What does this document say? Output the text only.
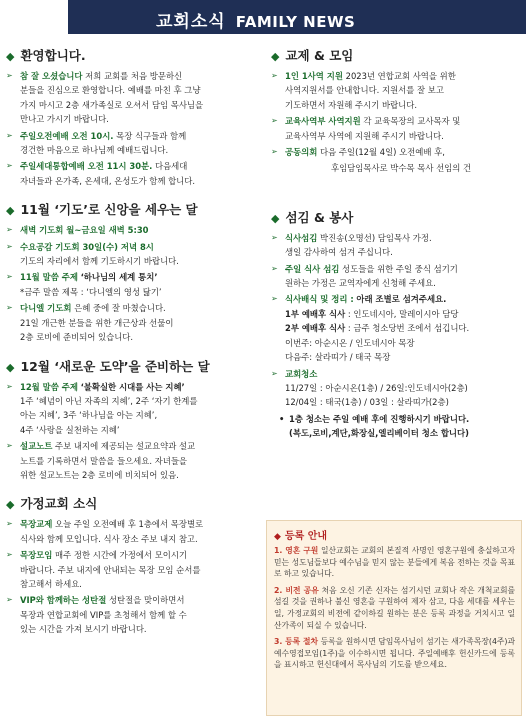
교회소식 FAMILY NEWS
◆ 환영합니다.
➢ 참 잘 오셨습니다 저희 교회를 처음 방문하신
분들을 진심으로 환영합니다. 예배를 마친 후 그냥
가지 마시고 2층 새가족실로 오셔서 담임 목사님을
만나고 가시기 바랍니다.
➢ 주일오전예배 오전 10시. 목장 식구들과 함께
경건한 마음으로 하나님께 예배드립니다.
➢ 주일세대통합예배 오전 11시 30분. 다음세대
자녀들과 온가족, 온세대, 온성도가 함께 합니다.
◆ 11월 ‘기도’로 신앙을 세우는 달
➢ 새벽 기도회 월~금요일 새벽 5:30
➢ 수요공감 기도회 30일(수) 저녁 8시
기도의 자리에서 함께 기도하시기 바랍니다.
➢ 11월 말씀 주제 ‘하나님의 세계 통치’
*금주 말씀 제목 : ‘다니엘의 영성 닮기’
➢ 다니엘 기도회 은혜 중에 잘 마쳤습니다.
21일 개근한 분들을 위한 개근상과 선물이
2층 로비에 준비되어 있습니다.
◆ 12월 ‘새로운 도약’을 준비하는 달
➢ 12월 말씀 주제 ‘불확실한 시대를 사는 지혜’
1주 ‘혜념이 아닌 자족의 지혜’, 2주 ‘자기 한계를
아는 지혜’, 3주 ‘하나님을 아는 지혜’,
4주 ‘사랑을 실천하는 지혜’
➢ 설교노트 주보 내지에 제공되는 설교요약과 설교
노트를 기록하면서 말씀을 들으세요. 자녀들을
위한 설교노트는 2층 로비에 비치되어 있음.
◆ 가정교회 소식
➢ 목장교제 오늘 주일 오전예배 후 1층에서 목장별로
식사와 함께 모입니다. 식사 장소 주보 내지 참고.
➢ 목장모임 매주 정한 시간에 가정에서 모이시기
바랍니다. 주보 내지에 안내되는 목장 모임 순서를
참고해서 하세요.
➢ VIP와 함께하는 성탄절 성탄절을 맞이하면서
목장과 연합교회에 VIP를 초청해서 함께 할 수
있는 시간을 가져 보시기 바랍니다.
◆ 교제 & 모임
➢ 1인 1사역 지원 2023년 연합교회 사역을 위한
사역지원서를 안내합니다. 지원서를 잘 보고
기도하면서 자원해 주시기 바랍니다.
➢ 교육사역부 사역지원 각 교육목장의 교사목자 및
교육사역부 사역에 지원해 주시기 바랍니다.
➢ 공동의회 다음 주일(12월 4일) 오전예배 후,
후임담임목사로 박수목 목사 선임의 건
◆ 섬김 & 봉사
➢ 식사섬김 박진송(오명선) 담임목사 가정.
생일 감사하여 섬겨 주십니다.
➢ 주일 식사 섬김 성도들을 위한 주일 중식 섬기기
원하는 가정은 교역자에게 신청해 주세요.
➢ 식사배식 및 정리 : 아래 조별로 섬겨주세요.
1부 예배후 식사 : 인도네시아, 말레이시아 담당
2부 예배후 식사 : 금주 청소당번 조에서 섬깁니다.
이번주: 아순시온 / 인도네시아 목장
다음주: 살라띠가 / 태국 목장
➢ 교회청소
11/27일 : 아순시온(1층) / 26일:인도네시아(2층)
12/04일 : 태국(1층) / 03일 : 살라띠가(2층)
• 1층 청소는 주일 예배 후에 진행하시기 바랍니다.
(복도,로비,계단,화장실,엘리베이터 청소 합니다)
◆ 등록 안내
1. 영혼 구원 일산교회는 교회의 본질적 사명인 영혼구원에 충실하고자 믿는 성도님들보다 예수님을 믿지 않는 분들에게 복음 전하는 것을 목표로 하고 있습니다.
2. 비전 공유 처음 오신 기존 신자는 섬기시던 교회나 작은 개척교회를 섬길 것을 권하나 불신 영혼을 구원하여 제자 삼고, 다음 세대를 세우는 일, 가정교회의 비전에 같이하길 원하는 분은 등록 과정을 거치시고 일산가족이 되실 수 있습니다.
3. 등록 절차 등록을 원하시면 담임목사님이 섬기는 새가족목장(4주)과 예수영접모임(1주)을 이수하시면 됩니다. 주일예배후 헌신카드에 등록을 표시하고 헌신대에서 목사님의 기도를 받으세요.
